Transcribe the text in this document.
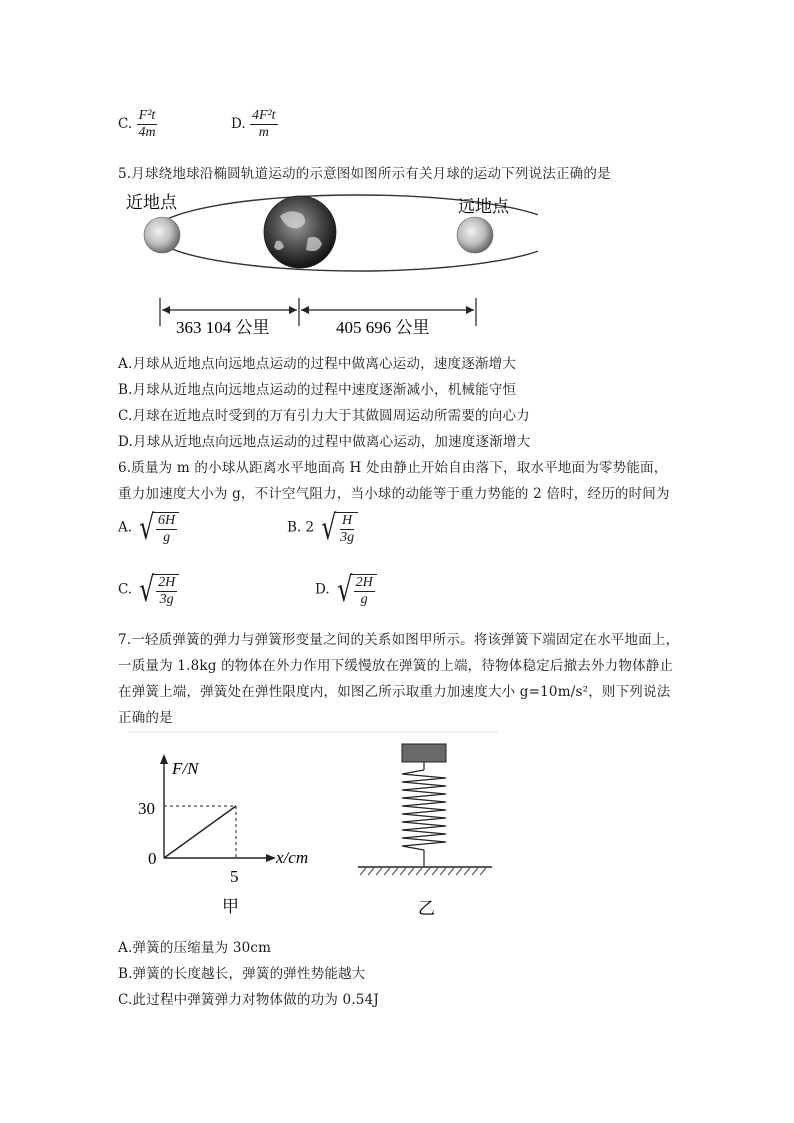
C. $\frac{\text{F²t}}{4m}$	D. $\frac{\text{4F²t}}{m}$
5.月球绕地球沿椭圆轨道运动的示意图如图所示有关月球的运动下列说法正确的是
近地点	远地点
363 104 公里	405 696 公里
A.月球从近地点向远地点运动的过程中做离心运动，速度逐渐增大
B.月球从近地点向远地点运动的过程中速度逐渐减小，机械能守恒
C.月球在近地点时受到的万有引力大于其做圆周运动所需要的向心力
D.月球从近地点向远地点运动的过程中做离心运动，加速度逐渐增大
6.质量为 m 的小球从距离水平地面高 H 处由静止开始自由落下，取水平地面为零势能面，
重力加速度大小为 g，不计空气阻力，当小球的动能等于重力势能的 2 倍时，经历的时间为
A. √ $\frac{6H}{g}$	B. 2 √ $\frac{H}{3g}$
C. √ $\frac{2H}{3g}$	D. √ $\frac{2H}{g}$
7.一轻质弹簧的弹力与弹簧形变量之间的关系如图甲所示。将该弹簧下端固定在水平地面上，
一质量为 1.8kg 的物体在外力作用下缓慢放在弹簧的上端，待物体稳定后撤去外力物体静止
在弹簧上端，弹簧处在弹性限度内，如图乙所示取重力加速度大小 g=10m/s²，则下列说法
正确的是
F/N
x/cm
30
0
5
甲	乙
A.弹簧的压缩量为 30cm
B.弹簧的长度越长，弹簧的弹性势能越大
C.此过程中弹簧弹力对物体做的功为 0.54J
